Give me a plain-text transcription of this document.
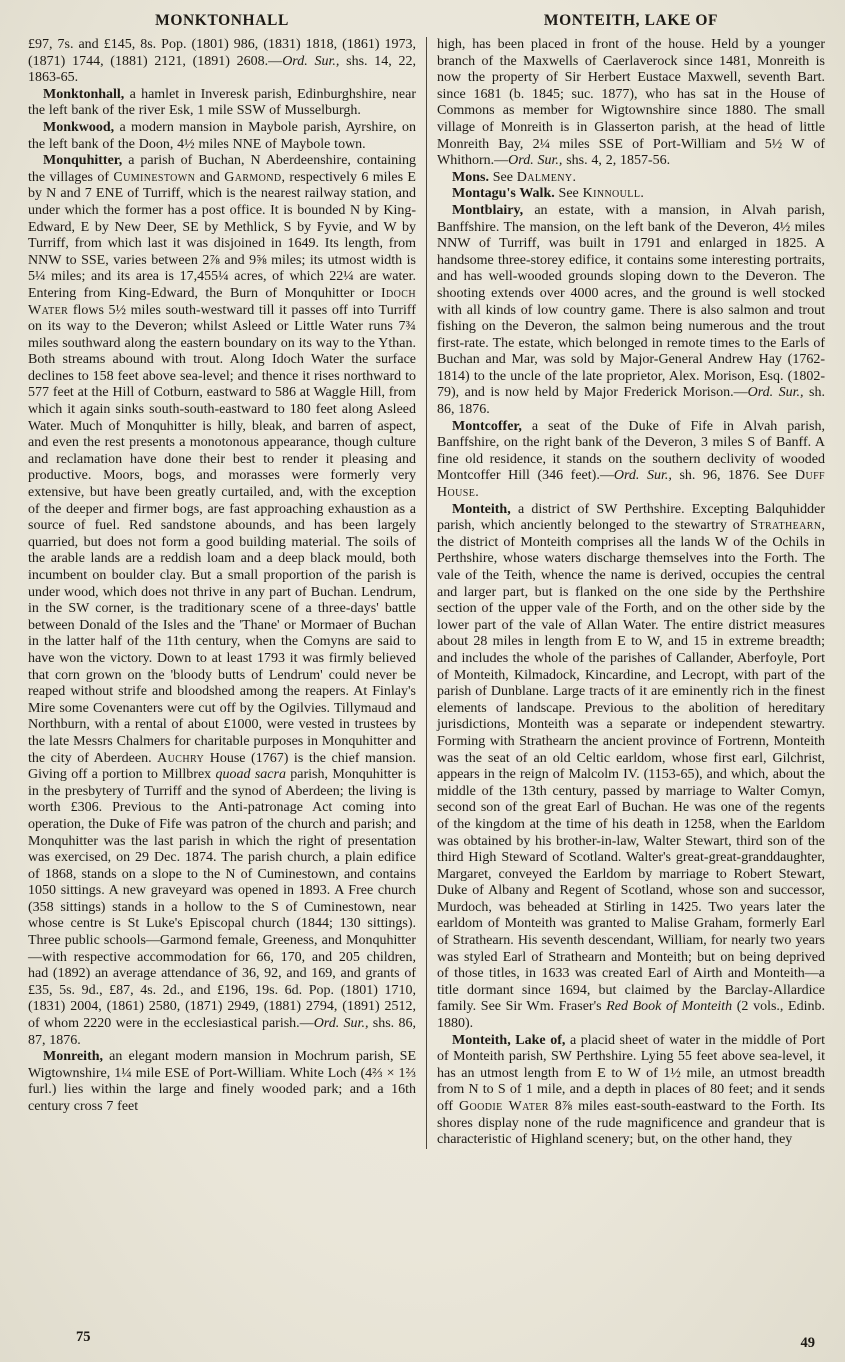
MONKTONHALL	MONTEITH, LAKE OF

£97, 7s. and £145, 8s. Pop. (1801) 986, (1831) 1818, (1861) 1973, (1871) 1744, (1881) 2121, (1891) 2608.—Ord. Sur., shs. 14, 22, 1863-65.

Monktonhall, a hamlet in Inveresk parish, Edinburghshire, near the left bank of the river Esk, 1 mile SSW of Musselburgh.

Monkwood, a modern mansion in Maybole parish, Ayrshire, on the left bank of the Doon, 4½ miles NNE of Maybole town.

Monquhitter, a parish of Buchan, N Aberdeenshire, containing the villages of Cuminestown and Garmond, respectively 6 miles E by N and 7 ENE of Turriff, which is the nearest railway station, and under which the former has a post office. It is bounded N by King-Edward, E by New Deer, SE by Methlick, S by Fyvie, and W by Turriff, from which last it was disjoined in 1649. Its length, from NNW to SSE, varies between 2⅞ and 9⅝ miles; its utmost width is 5¼ miles; and its area is 17,455¼ acres, of which 22¼ are water. Entering from King-Edward, the Burn of Monquhitter or Idoch Water flows 5½ miles south-westward till it passes off into Turriff on its way to the Deveron; whilst Asleed or Little Water runs 7¾ miles southward along the eastern boundary on its way to the Ythan. Both streams abound with trout. Along Idoch Water the surface declines to 158 feet above sea-level; and thence it rises northward to 577 feet at the Hill of Cotburn, eastward to 586 at Waggle Hill, from which it again sinks south-south-eastward to 180 feet along Asleed Water. Much of Monquhitter is hilly, bleak, and barren of aspect, and even the rest presents a monotonous appearance, though culture and reclamation have done their best to render it pleasing and productive. Moors, bogs, and morasses were formerly very extensive, but have been greatly curtailed, and, with the exception of the deeper and firmer bogs, are fast approaching exhaustion as a source of fuel. Red sandstone abounds, and has been largely quarried, but does not form a good building material. The soils of the arable lands are a reddish loam and a deep black mould, both incumbent on boulder clay. But a small proportion of the parish is under wood, which does not thrive in any part of Buchan. Lendrum, in the SW corner, is the traditionary scene of a three-days' battle between Donald of the Isles and the 'Thane' or Mormaer of Buchan in the latter half of the 11th century, when the Comyns are said to have won the victory. Down to at least 1793 it was firmly believed that corn grown on the 'bloody butts of Lendrum' could never be reaped without strife and bloodshed among the reapers. At Finlay's Mire some Covenanters were cut off by the Ogilvies. Tillymaud and Northburn, with a rental of about £1000, were vested in trustees by the late Messrs Chalmers for charitable purposes in Monquhitter and the city of Aberdeen. Auchry House (1767) is the chief mansion. Giving off a portion to Millbrex quoad sacra parish, Monquhitter is in the presbytery of Turriff and the synod of Aberdeen; the living is worth £306. Previous to the Anti-patronage Act coming into operation, the Duke of Fife was patron of the church and parish; and Monquhitter was the last parish in which the right of presentation was exercised, on 29 Dec. 1874. The parish church, a plain edifice of 1868, stands on a slope to the N of Cuminestown, and contains 1050 sittings. A new graveyard was opened in 1893. A Free church (358 sittings) stands in a hollow to the S of Cuminestown, near whose centre is St Luke's Episcopal church (1844; 130 sittings). Three public schools—Garmond female, Greeness, and Monquhitter—with respective accommodation for 66, 170, and 205 children, had (1892) an average attendance of 36, 92, and 169, and grants of £35, 5s. 9d., £87, 4s. 2d., and £196, 19s. 6d. Pop. (1801) 1710, (1831) 2004, (1861) 2580, (1871) 2949, (1881) 2794, (1891) 2512, of whom 2220 were in the ecclesiastical parish.—Ord. Sur., shs. 86, 87, 1876.

Monreith, an elegant modern mansion in Mochrum parish, SE Wigtownshire, 1¼ mile ESE of Port-William. White Loch (4⅔ × 1⅔ furl.) lies within the large and finely wooded park; and a 16th century cross 7 feet

high, has been placed in front of the house. Held by a younger branch of the Maxwells of Caerlaverock since 1481, Monreith is now the property of Sir Herbert Eustace Maxwell, seventh Bart. since 1681 (b. 1845; suc. 1877), who has sat in the House of Commons as member for Wigtownshire since 1880. The small village of Monreith is in Glasserton parish, at the head of little Monreith Bay, 2¼ miles SSE of Port-William and 5½ W of Whithorn.—Ord. Sur., shs. 4, 2, 1857-56.

Mons. See Dalmeny.

Montagu's Walk. See Kinnoull.

Montblairy, an estate, with a mansion, in Alvah parish, Banffshire. The mansion, on the left bank of the Deveron, 4½ miles NNW of Turriff, was built in 1791 and enlarged in 1825. A handsome three-storey edifice, it contains some interesting portraits, and has well-wooded grounds sloping down to the Deveron. The shooting extends over 4000 acres, and the ground is well stocked with all kinds of low country game. There is also salmon and trout fishing on the Deveron, the salmon being numerous and the trout first-rate. The estate, which belonged in remote times to the Earls of Buchan and Mar, was sold by Major-General Andrew Hay (1762-1814) to the uncle of the late proprietor, Alex. Morison, Esq. (1802-79), and is now held by Major Frederick Morison.—Ord. Sur., sh. 86, 1876.

Montcoffer, a seat of the Duke of Fife in Alvah parish, Banffshire, on the right bank of the Deveron, 3 miles S of Banff. A fine old residence, it stands on the southern declivity of wooded Montcoffer Hill (346 feet).—Ord. Sur., sh. 96, 1876. See Duff House.

Monteith, a district of SW Perthshire. Excepting Balquhidder parish, which anciently belonged to the stewartry of Strathearn, the district of Monteith comprises all the lands W of the Ochils in Perthshire, whose waters discharge themselves into the Forth. The vale of the Teith, whence the name is derived, occupies the central and larger part, but is flanked on the one side by the Perthshire section of the upper vale of the Forth, and on the other side by the lower part of the vale of Allan Water. The entire district measures about 28 miles in length from E to W, and 15 in extreme breadth; and includes the whole of the parishes of Callander, Aberfoyle, Port of Monteith, Kilmadock, Kincardine, and Lecropt, with part of the parish of Dunblane. Large tracts of it are eminently rich in the finest elements of landscape. Previous to the abolition of hereditary jurisdictions, Monteith was a separate or independent stewartry. Forming with Strathearn the ancient province of Fortrenn, Monteith was the seat of an old Celtic earldom, whose first earl, Gilchrist, appears in the reign of Malcolm IV. (1153-65), and which, about the middle of the 13th century, passed by marriage to Walter Comyn, second son of the great Earl of Buchan. He was one of the regents of the kingdom at the time of his death in 1258, when the Earldom was obtained by his brother-in-law, Walter Stewart, third son of the third High Steward of Scotland. Walter's great-great-granddaughter, Margaret, conveyed the Earldom by marriage to Robert Stewart, Duke of Albany and Regent of Scotland, whose son and successor, Murdoch, was beheaded at Stirling in 1425. Two years later the earldom of Monteith was granted to Malise Graham, formerly Earl of Strathearn. His seventh descendant, William, for nearly two years was styled Earl of Strathearn and Monteith; but on being deprived of those titles, in 1633 was created Earl of Airth and Monteith—a title dormant since 1694, but claimed by the Barclay-Allardice family. See Sir Wm. Fraser's Red Book of Monteith (2 vols., Edinb. 1880).

Monteith, Lake of, a placid sheet of water in the middle of Port of Monteith parish, SW Perthshire. Lying 55 feet above sea-level, it has an utmost length from E to W of 1½ mile, an utmost breadth from N to S of 1 mile, and a depth in places of 80 feet; and it sends off Goodie Water 8⅞ miles east-south-eastward to the Forth. Its shores display none of the rude magnificence and grandeur that is characteristic of Highland scenery; but, on the other hand, they

75	49
